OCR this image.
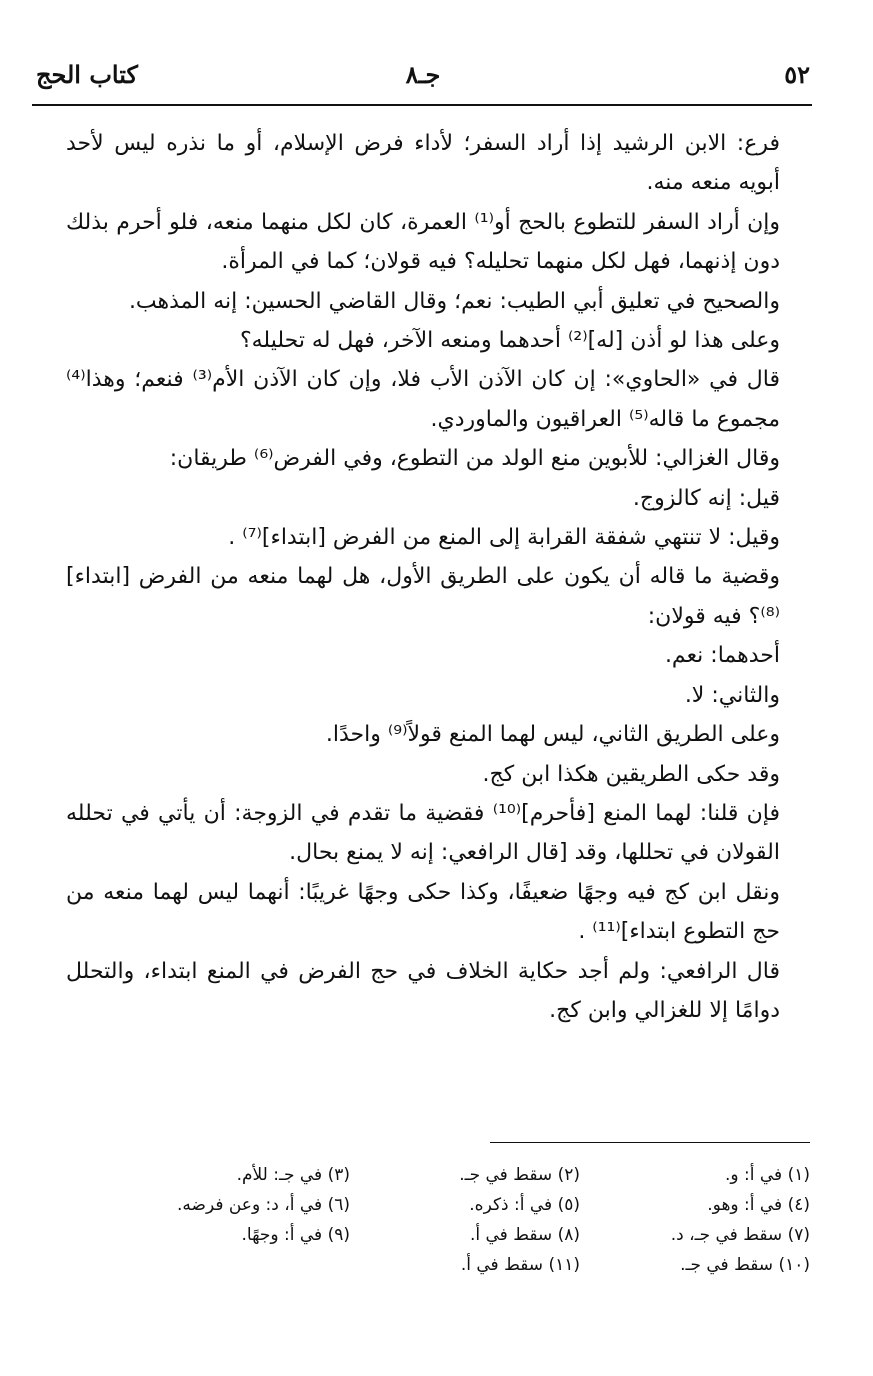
٥٢
جـ٨
كتاب الحج

فرع: الابن الرشيد إذا أراد السفر؛ لأداء فرض الإسلام، أو ما نذره ليس لأحد أبويه منعه منه.

وإن أراد السفر للتطوع بالحج أو⁽¹⁾ العمرة، كان لكل منهما منعه، فلو أحرم بذلك دون إذنهما، فهل لكل منهما تحليله؟ فيه قولان؛ كما في المرأة.

والصحيح في تعليق أبي الطيب: نعم؛ وقال القاضي الحسين: إنه المذهب.

وعلى هذا لو أذن [له]⁽²⁾ أحدهما ومنعه الآخر، فهل له تحليله؟

قال في «الحاوي»: إن كان الآذن الأب فلا، وإن كان الآذن الأم⁽³⁾ فنعم؛ وهذا⁽⁴⁾ مجموع ما قاله⁽⁵⁾ العراقيون والماوردي.

وقال الغزالي: للأبوين منع الولد من التطوع، وفي الفرض⁽⁶⁾ طريقان:

قيل: إنه كالزوج.

وقيل: لا تنتهي شفقة القرابة إلى المنع من الفرض [ابتداء]⁽⁷⁾ .

وقضية ما قاله أن يكون على الطريق الأول، هل لهما منعه من الفرض [ابتداء]⁽⁸⁾؟ فيه قولان:

أحدهما: نعم.

والثاني: لا.

وعلى الطريق الثاني، ليس لهما المنع قولاً⁽⁹⁾ واحدًا.

وقد حكى الطريقين هكذا ابن كج.

فإن قلنا: لهما المنع [فأحرم]⁽¹⁰⁾ فقضية ما تقدم في الزوجة: أن يأتي في تحلله القولان في تحللها، وقد [قال الرافعي: إنه لا يمنع بحال.

ونقل ابن كج فيه وجهًا ضعيفًا، وكذا حكى وجهًا غريبًا: أنهما ليس لهما منعه من حج التطوع ابتداء]⁽¹¹⁾ .

قال الرافعي: ولم أجد حكاية الخلاف في حج الفرض في المنع ابتداء، والتحلل دوامًا إلا للغزالي وابن كج.

(١) في أ: و.
(٢) سقط في جـ.
(٣) في جـ: للأم.
(٤) في أ: وهو.
(٥) في أ: ذكره.
(٦) في أ، د: وعن فرضه.
(٧) سقط في جـ، د.
(٨) سقط في أ.
(٩) في أ: وجهًا.
(١٠) سقط في جـ.
(١١) سقط في أ.
